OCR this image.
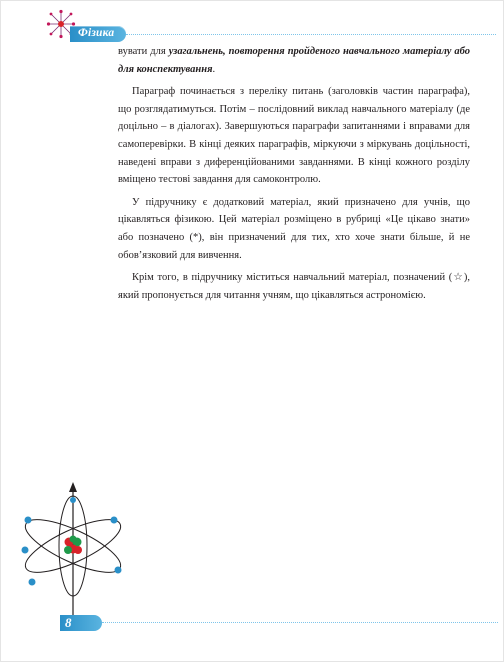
Фізика

вувати для узагальнень, повторення пройденого навчального матеріалу або для конспектування.

Параграф починається з переліку питань (заголовків частин параграфа), що розглядатимуться. Потім – послідовний виклад навчального матеріалу (де доцільно – в діалогах). Завершуються параграфи запитаннями і вправами для самоперевірки. В кінці деяких параграфів, міркуючи з міркувань доцільності, наведені вправи з диференційованими завданнями. В кінці кожного розділу вміщено тестові завдання для самоконтролю.

У підручнику є додатковий матеріал, який призначено для учнів, що цікавляться фізикою. Цей матеріал розміщено в рубриці «Це цікаво знати» або позначено (*), він призначений для тих, хто хоче знати більше, й не обов’язковий для вивчення.

Крім того, в підручнику міститься навчальний матеріал, позначений (☆), який пропонується для читання учням, що цікавляться астрономією.

8
